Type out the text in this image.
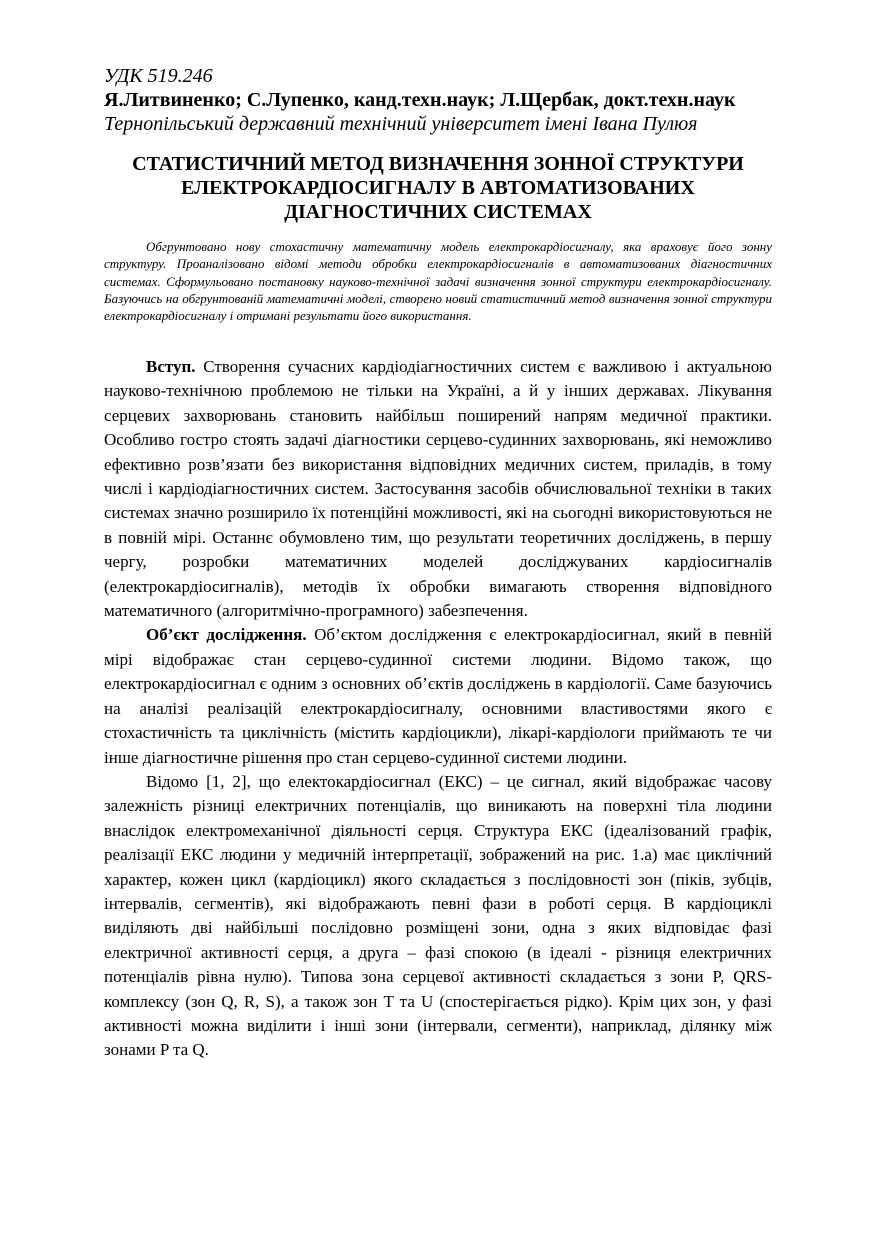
УДК 519.246
Я.Литвиненко; С.Лупенко, канд.техн.наук; Л.Щербак, докт.техн.наук
Тернопільський державний технічний університет імені Івана Пулюя
СТАТИСТИЧНИЙ МЕТОД ВИЗНАЧЕННЯ ЗОННОЇ СТРУКТУРИ
ЕЛЕКТРОКАРДІОСИГНАЛУ В АВТОМАТИЗОВАНИХ
ДІАГНОСТИЧНИХ СИСТЕМАХ
Обгрунтовано нову стохастичну математичну модель електрокардіосигналу, яка враховує його зонну структуру. Проаналізовано відомі методи обробки електрокардіосигналів в автоматизованих діагностичних системах. Сформульовано постановку науково-технічної задачі визначення зонної структури електрокардіосигналу. Базуючись на обгрунтованій математичні моделі, створено новий статистичний метод визначення зонної структури електрокардіосигналу і отримані результати його використання.

Вступ. Створення сучасних кардіодіагностичних систем є важливою і актуальною науково-технічною проблемою не тільки на Україні, а й у інших державах. Лікування серцевих захворювань становить найбільш поширений напрям медичної практики. Особливо гостро стоять задачі діагностики серцево-судинних захворювань, які неможливо ефективно розв’язати без використання відповідних медичних систем, приладів, в тому числі і кардіодіагностичних систем. Застосування засобів обчислювальної техніки в таких системах значно розширило їх потенційні можливості, які на сьогодні використовуються не в повній мірі. Останнє обумовлено тим, що результати теоретичних досліджень, в першу чергу, розробки математичних моделей досліджуваних кардіосигналів (електрокардіосигналів), методів їх обробки вимагають створення відповідного математичного (алгоритмічно-програмного) забезпечення.

Об’єкт дослідження. Об’єктом дослідження є електрокардіосигнал, який в певній мірі відображає стан серцево-судинної системи людини. Відомо також, що електрокардіосигнал є одним з основних об’єктів досліджень в кардіології. Саме базуючись на аналізі реалізацій електрокардіосигналу, основними властивостями якого є стохастичність та циклічність (містить кардіоцикли), лікарі-кардіологи приймають те чи інше діагностичне рішення про стан серцево-судинної системи людини.

Відомо [1, 2], що електокардіосигнал (ЕКС) – це сигнал, який відображає часову залежність різниці електричних потенціалів, що виникають на поверхні тіла людини внаслідок електромеханічної діяльності серця. Структура ЕКС (ідеалізований графік, реалізації ЕКС людини у медичній інтерпретації, зображений на рис. 1.а) має циклічний характер, кожен цикл (кардіоцикл) якого складається з послідовності зон (піків, зубців, інтервалів, сегментів), які відображають певні фази в роботі серця. В кардіоциклі виділяють дві найбільші послідовно розміщені зони, одна з яких відповідає фазі електричної активності серця, а друга – фазі спокою (в ідеалі - різниця електричних потенціалів рівна нулю). Типова зона серцевої активності складається з зони P, QRS-комплексу (зон Q, R, S), а також зон T та U (спостерігається рідко). Крім цих зон, у фазі активності можна виділити і інші зони (інтервали, сегменти), наприклад, ділянку між зонами P та Q.
